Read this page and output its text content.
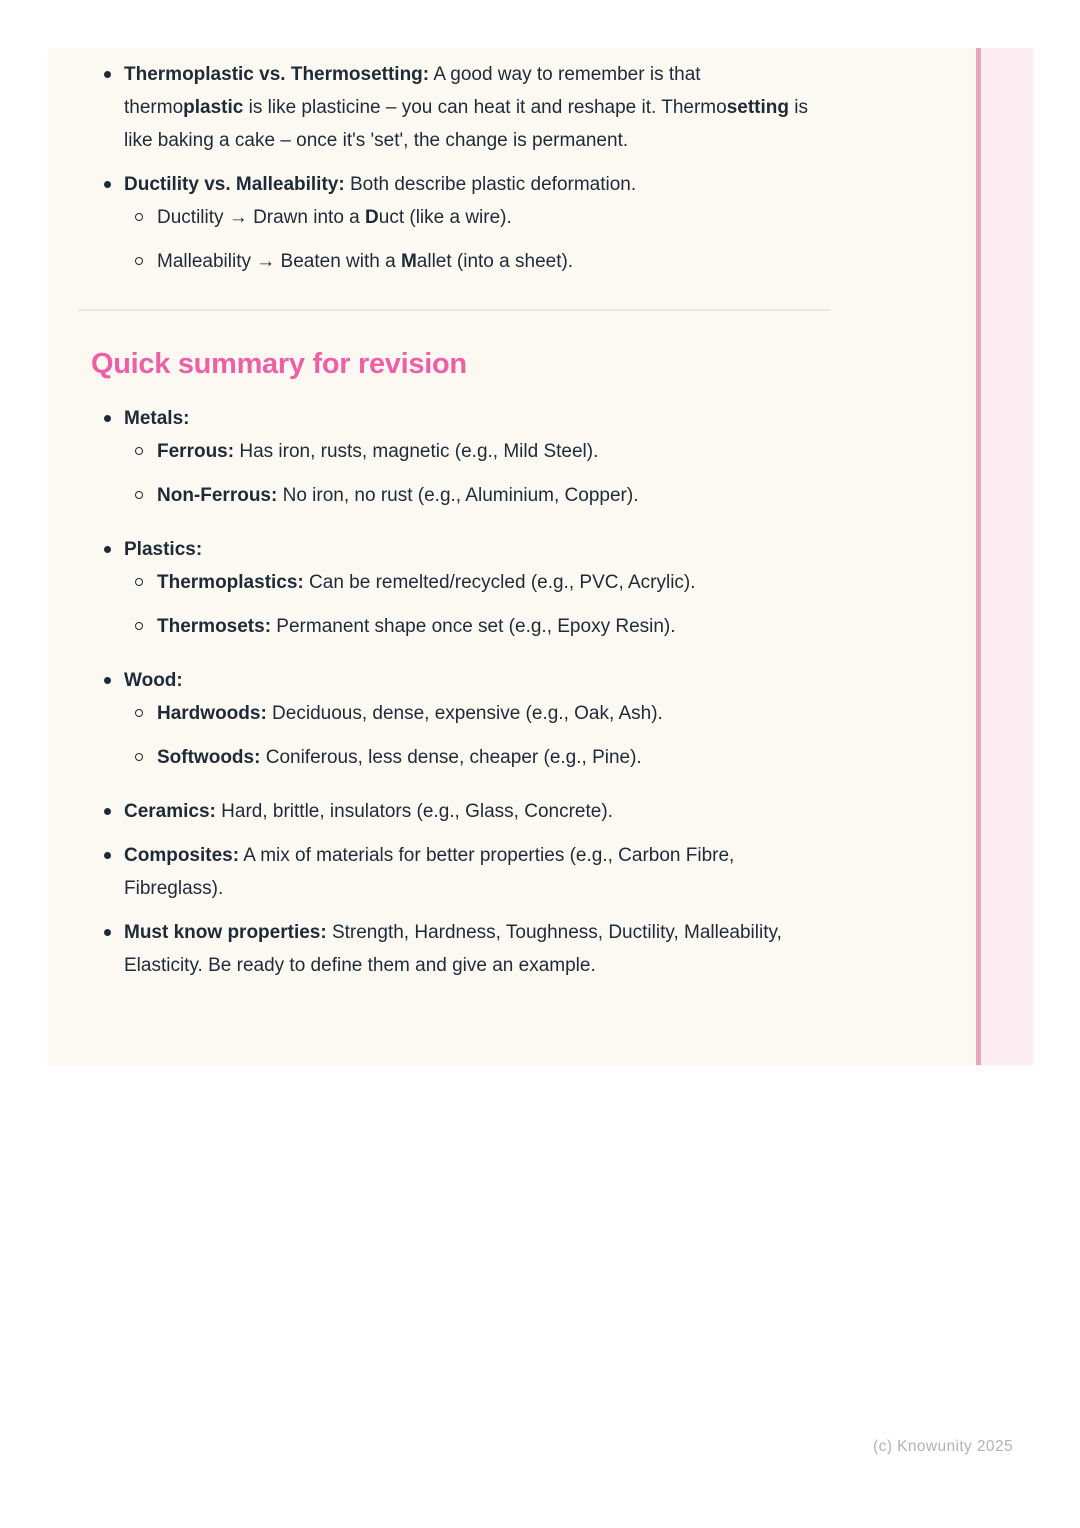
Thermoplastic vs. Thermosetting: A good way to remember is that thermoplastic is like plasticine – you can heat it and reshape it. Thermosetting is like baking a cake – once it's 'set', the change is permanent.
Ductility vs. Malleability: Both describe plastic deformation.
Ductility → Drawn into a Duct (like a wire).
Malleability → Beaten with a Mallet (into a sheet).
Quick summary for revision
Metals:
Ferrous: Has iron, rusts, magnetic (e.g., Mild Steel).
Non-Ferrous: No iron, no rust (e.g., Aluminium, Copper).
Plastics:
Thermoplastics: Can be remelted/recycled (e.g., PVC, Acrylic).
Thermosets: Permanent shape once set (e.g., Epoxy Resin).
Wood:
Hardwoods: Deciduous, dense, expensive (e.g., Oak, Ash).
Softwoods: Coniferous, less dense, cheaper (e.g., Pine).
Ceramics: Hard, brittle, insulators (e.g., Glass, Concrete).
Composites: A mix of materials for better properties (e.g., Carbon Fibre, Fibreglass).
Must know properties: Strength, Hardness, Toughness, Ductility, Malleability, Elasticity. Be ready to define them and give an example.
(c) Knowunity 2025
